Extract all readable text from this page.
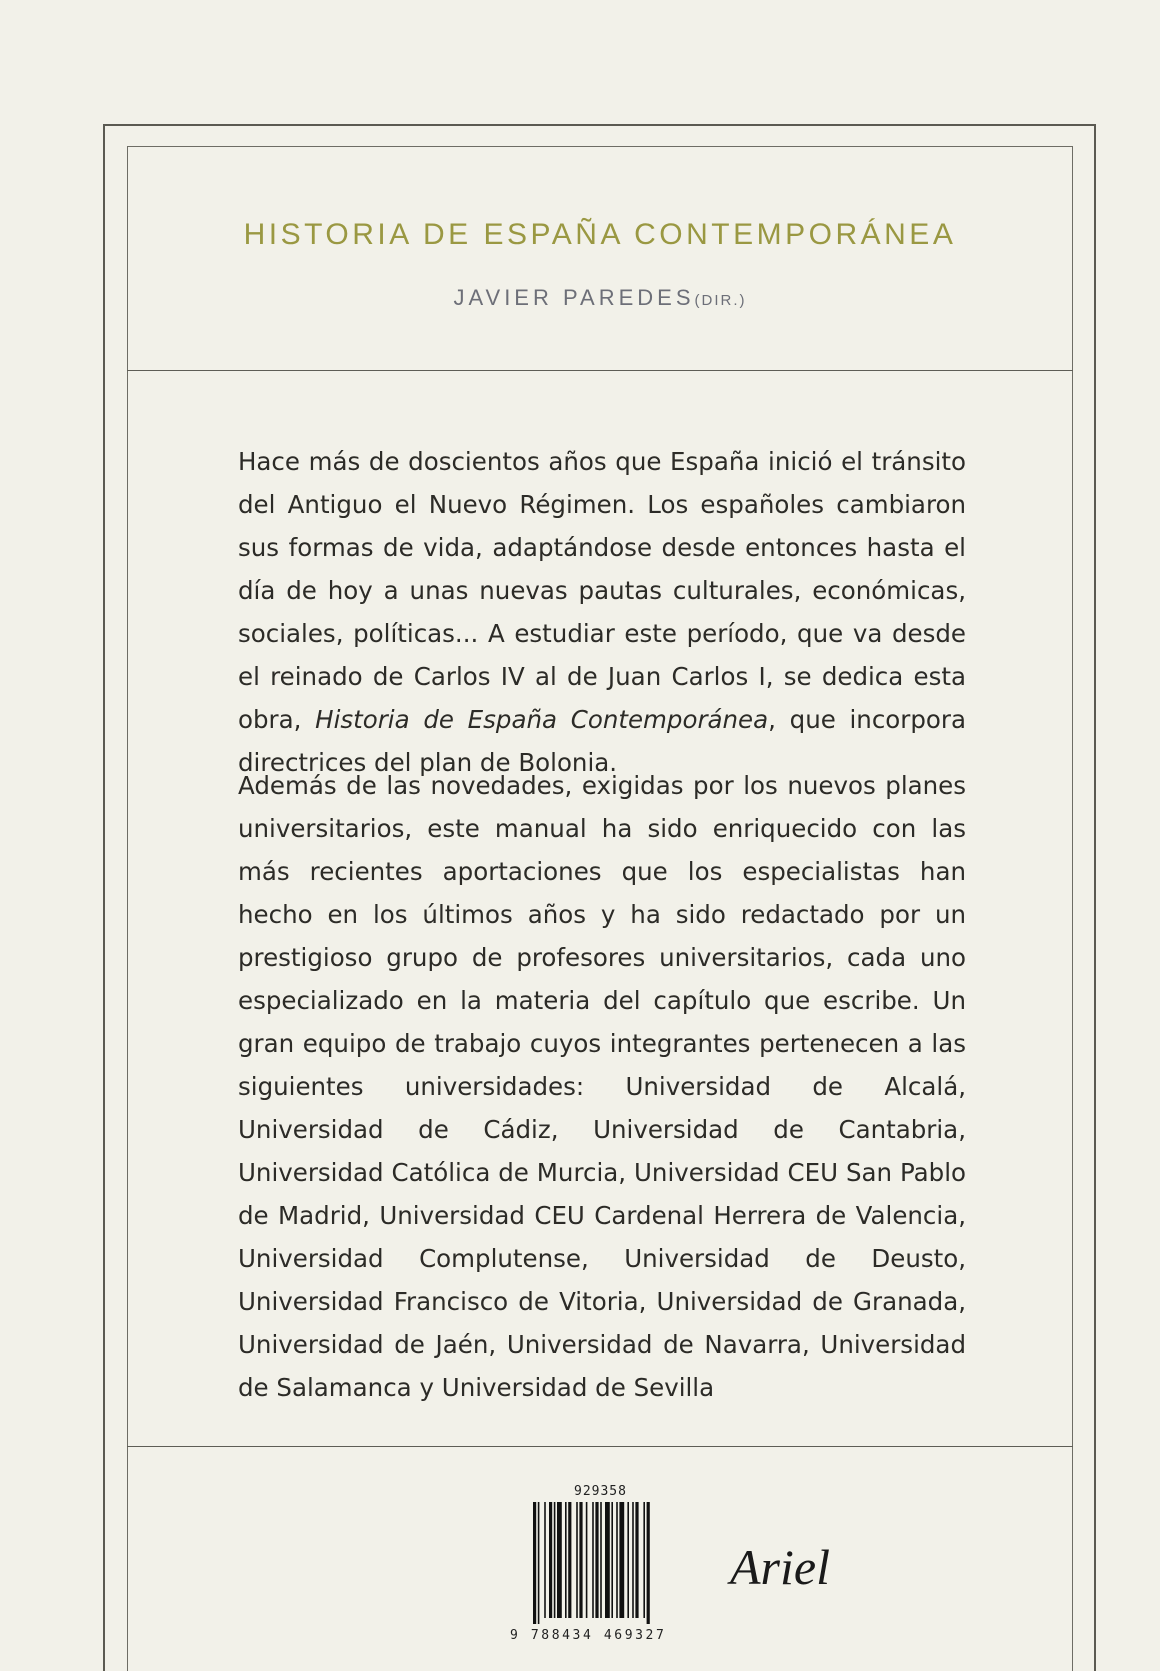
HISTORIA DE ESPAÑA CONTEMPORÁNEA
JAVIER PAREDES(DIR.)

Hace más de doscientos años que España inició el tránsito del Antiguo el Nuevo Régimen. Los españoles cambiaron sus formas de vida, adaptándose desde entonces hasta el día de hoy a unas nuevas pautas culturales, económicas, sociales, políticas... A estudiar este período, que va desde el reinado de Carlos IV al de Juan Carlos I, se dedica esta obra, Historia de España Contemporánea, que incorpora directrices del plan de Bolonia.

Además de las novedades, exigidas por los nuevos planes universitarios, este manual ha sido enriquecido con las más recientes aportaciones que los especialistas han hecho en los últimos años y ha sido redactado por un prestigioso grupo de profesores universitarios, cada uno especializado en la materia del capítulo que escribe. Un gran equipo de trabajo cuyos integrantes pertenecen a las siguientes universidades: Universidad de Alcalá, Universidad de Cádiz, Universidad de Cantabria, Universidad Católica de Murcia, Universidad CEU San Pablo de Madrid, Universidad CEU Cardenal Herrera de Valencia, Universidad Complutense, Universidad de Deusto, Universidad Francisco de Vitoria, Universidad de Granada, Universidad de Jaén, Universidad de Navarra, Universidad de Salamanca y Universidad de Sevilla

929358
9 788434 469327
Ariel
